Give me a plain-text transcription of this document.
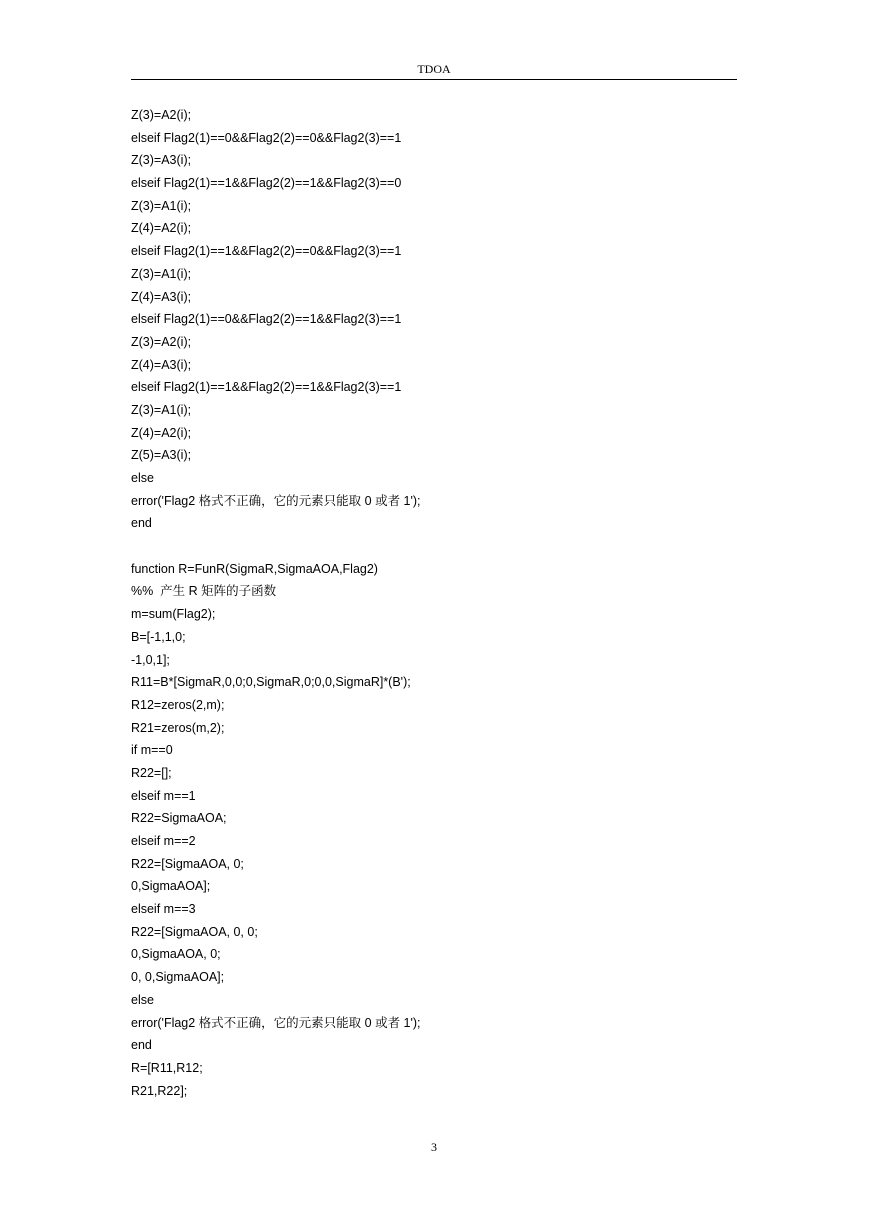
TDOA
Z(3)=A2(i);
elseif Flag2(1)==0&&Flag2(2)==0&&Flag2(3)==1
Z(3)=A3(i);
elseif Flag2(1)==1&&Flag2(2)==1&&Flag2(3)==0
Z(3)=A1(i);
Z(4)=A2(i);
elseif Flag2(1)==1&&Flag2(2)==0&&Flag2(3)==1
Z(3)=A1(i);
Z(4)=A3(i);
elseif Flag2(1)==0&&Flag2(2)==1&&Flag2(3)==1
Z(3)=A2(i);
Z(4)=A3(i);
elseif Flag2(1)==1&&Flag2(2)==1&&Flag2(3)==1
Z(3)=A1(i);
Z(4)=A2(i);
Z(5)=A3(i);
else
error('Flag2 格式不正确，它的元素只能取 0 或者 1');
end
function R=FunR(SigmaR,SigmaAOA,Flag2)
%%  产生 R 矩阵的子函数
m=sum(Flag2);
B=[-1,1,0;
-1,0,1];
R11=B*[SigmaR,0,0;0,SigmaR,0;0,0,SigmaR]*(B');
R12=zeros(2,m);
R21=zeros(m,2);
if m==0
R22=[];
elseif m==1
R22=SigmaAOA;
elseif m==2
R22=[SigmaAOA, 0;
0,SigmaAOA];
elseif m==3
R22=[SigmaAOA, 0, 0;
0,SigmaAOA, 0;
0, 0,SigmaAOA];
else
error('Flag2 格式不正确，它的元素只能取 0 或者 1');
end
R=[R11,R12;
R21,R22];
3
